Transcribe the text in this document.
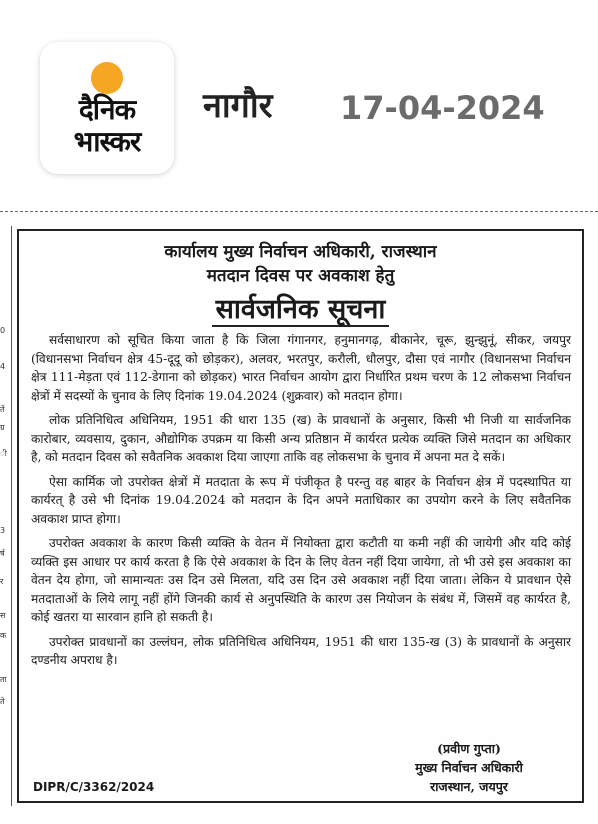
दैनिक
भास्कर
नागौर 17-04-2024
0
4
तें
ग्र
ी
3
र्ष
र
स
क
ता
ते
कार्यालय मुख्य निर्वाचन अधिकारी, राजस्थान
मतदान दिवस पर अवकाश हेतु
सार्वजनिक सूचना

सर्वसाधारण को सूचित किया जाता है कि जिला गंगानगर, हनुमानगढ़, बीकानेर, चूरू, झुन्झुनूं, सीकर, जयपुर (विधानसभा निर्वाचन क्षेत्र 45-दूदू को छोड़कर), अलवर, भरतपुर, करौली, धौलपुर, दौसा एवं नागौर (विधानसभा निर्वाचन क्षेत्र 111-मेड़ता एवं 112-डेगाना को छोड़कर) भारत निर्वाचन आयोग द्वारा निर्धारित प्रथम चरण के 12 लोकसभा निर्वाचन क्षेत्रों में सदस्यों के चुनाव के लिए दिनांक 19.04.2024 (शुक्रवार) को मतदान होगा।

लोक प्रतिनिधित्व अधिनियम, 1951 की धारा 135 (ख) के प्रावधानों के अनुसार, किसी भी निजी या सार्वजनिक कारोबार, व्यवसाय, दुकान, औद्योगिक उपक्रम या किसी अन्य प्रतिष्ठान में कार्यरत प्रत्येक व्यक्ति जिसे मतदान का अधिकार है, को मतदान दिवस को सवैतनिक अवकाश दिया जाएगा ताकि वह लोकसभा के चुनाव में अपना मत दे सकें।

ऐसा कार्मिक जो उपरोक्त क्षेत्रों में मतदाता के रूप में पंजीकृत है परन्तु वह बाहर के निर्वाचन क्षेत्र में पदस्थापित या कार्यरत् है उसे भी दिनांक 19.04.2024 को मतदान के दिन अपने मताधिकार का उपयोग करने के लिए सवैतनिक अवकाश प्राप्त होगा।

उपरोक्त अवकाश के कारण किसी व्यक्ति के वेतन में नियोक्ता द्वारा कटौती या कमी नहीं की जायेगी और यदि कोई व्यक्ति इस आधार पर कार्य करता है कि ऐसे अवकाश के दिन के लिए वेतन नहीं दिया जायेगा, तो भी उसे इस अवकाश का वेतन देय होगा, जो सामान्यतः उस दिन उसे मिलता, यदि उस दिन उसे अवकाश नहीं दिया जाता। लेकिन ये प्रावधान ऐसे मतदाताओं के लिये लागू नहीं होंगे जिनकी कार्य से अनुपस्थिति के कारण उस नियोजन के संबंध में, जिसमें वह कार्यरत है, कोई खतरा या सारवान हानि हो सकती है।

उपरोक्त प्रावधानों का उल्लंघन, लोक प्रतिनिधित्व अधिनियम, 1951 की धारा 135-ख (3) के प्रावधानों के अनुसार दण्डनीय अपराध है।

(प्रवीण गुप्ता)
मुख्य निर्वाचन अधिकारी
राजस्थान, जयपुर
DIPR/C/3362/2024
